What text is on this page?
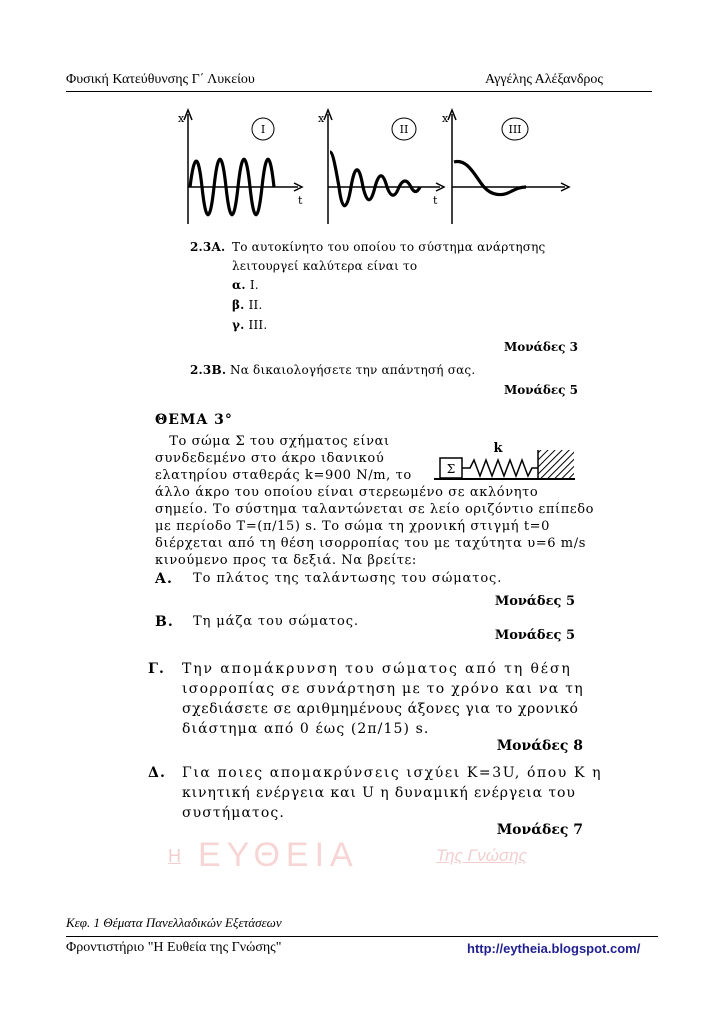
Φυσική Κατεύθυνσης Γ΄ Λυκείου	Αγγέλης Αλέξανδρος
x
t
I
x
t
II
x
III
2.3Α. Το αυτοκίνητο του οποίου το σύστημα ανάρτησης
λειτουργεί καλύτερα είναι το
α. Ι.
β. ΙΙ.
γ. ΙΙΙ.
Μονάδες 3
2.3Β. Να δικαιολογήσετε την απάντησή σας.
Μονάδες 5
ΘΕΜΑ 3°
Το σώμα Σ του σχήματος είναι
συνδεδεμένο στο άκρο ιδανικού
ελατηρίου σταθεράς k=900 N/m, το
άλλο άκρο του οποίου είναι στερεωμένο σε ακλόνητο
σημείο. Το σύστημα ταλαντώνεται σε λείο οριζόντιο επίπεδο
με περίοδο T=(π/15) s. Το σώμα τη χρονική στιγμή t=0
διέρχεται από τη θέση ισορροπίας του με ταχύτητα υ=6 m/s
κινούμενο προς τα δεξιά. Να βρείτε:
Σ
k
Α. Το πλάτος της ταλάντωσης του σώματος.
Μονάδες 5
Β. Τη μάζα του σώματος.
Μονάδες 5
Γ. Την απομάκρυνση του σώματος από τη θέση
ισορροπίας σε συνάρτηση με το χρόνο και να τη
σχεδιάσετε σε αριθμημένους άξονες για το χρονικό
διάστημα από 0 έως (2π/15) s.
Μονάδες 8
Δ. Για ποιες απομακρύνσεις ισχύει K=3U, όπου K η
κινητική ενέργεια και U η δυναμική ενέργεια του
συστήματος.
Μονάδες 7
Η ΕΥΘΕΙΑ	Της Γνώσης
Κεφ. 1 Θέματα Πανελλαδικών Εξετάσεων
Φροντιστήριο "Η Ευθεία της Γνώσης"	http://eytheia.blogspot.com/
